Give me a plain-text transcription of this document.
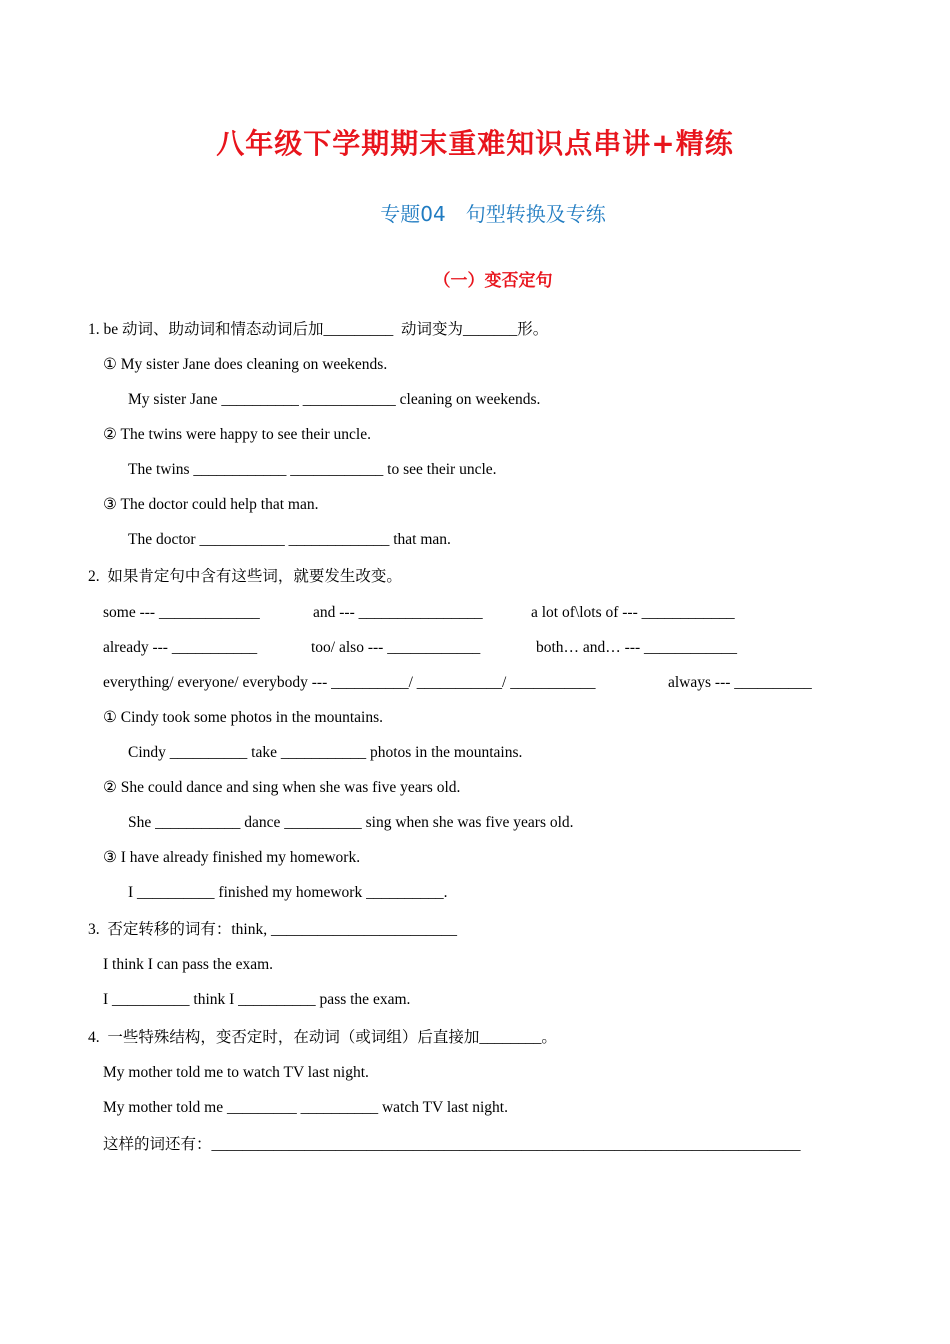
八年级下学期期末重难知识点串讲+精练
专题04　句型转换及专练
（一）变否定句
1. be 动词、助动词和情态动词后加_________  动词变为_______形。
① My sister Jane does cleaning on weekends.
My sister Jane __________ ____________ cleaning on weekends.
② The twins were happy to see their uncle.
The twins ____________ ____________ to see their uncle.
③ The doctor could help that man.
The doctor ___________ _____________ that man.
2.  如果肯定句中含有这些词，就要发生改变。
some --- _____________	and --- ________________	a lot of\lots of --- ____________
already --- ___________	too/ also --- ____________	both… and… --- ____________
everything/ everyone/ everybody --- __________/ ___________/ ___________	always --- __________
① Cindy took some photos in the mountains.
Cindy __________ take ___________ photos in the mountains.
② She could dance and sing when she was five years old.
She ___________ dance __________ sing when she was five years old.
③ I have already finished my homework.
I __________ finished my homework __________.
3.  否定转移的词有：think, ________________________
I think I can pass the exam.
I __________ think I __________ pass the exam.
4.  一些特殊结构，变否定时，在动词（或词组）后直接加________。
My mother told me to watch TV last night.
My mother told me _________ __________ watch TV last night.
这样的词还有：____________________________________________________________________________
